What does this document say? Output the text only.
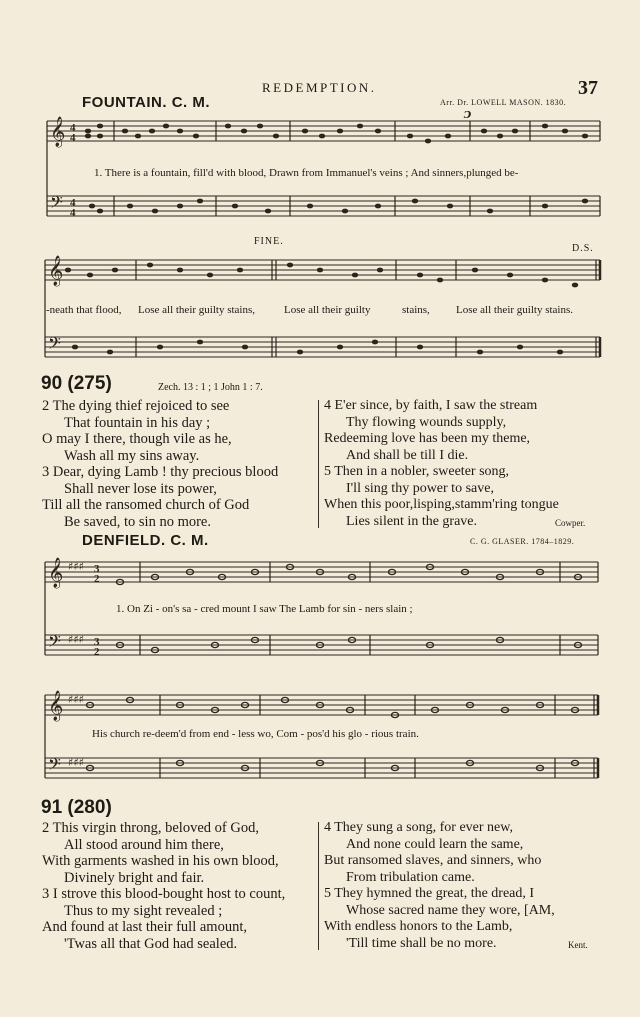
REDEMPTION.	37
FOUNTAIN. C. M.	Arr. Dr. LOWELL MASON. 1830.
ᴐ
𝄞
𝄢
𝄞
𝄢
4
4
4
4
1. There is a fountain, fill'd with blood, Drawn from Immanuel's veins ; And sinners,plunged be-
FINE.
D.S.
-neath that flood, Lose all their guilty stains,	Lose all their guilty	stains, Lose all their guilty stains.
90 (275)	Zech. 13 : 1 ; 1 John 1 : 7.
2 The dying thief rejoiced to see
That fountain in his day ;
O may I there, though vile as he,
Wash all my sins away.
3 Dear, dying Lamb ! thy precious blood
Shall never lose its power,
Till all the ransomed church of God
Be saved, to sin no more.
4 E'er since, by faith, I saw the stream
Thy flowing wounds supply,
Redeeming love has been my theme,
And shall be till I die.
5 Then in a nobler, sweeter song,
I'll sing thy power to save,
When this poor,lisping,stamm'ring tongue
Lies silent in the grave.	Cowper.
DENFIELD. C. M.	C. G. GLASER. 1784–1829.
𝄞
𝄢
𝄞
𝄢
♯♯♯
♯♯♯
♯♯♯
♯♯♯
3
2
3
2
1. On Zi - on's sa - cred mount I saw The Lamb for sin - ners slain ;
His church re-deem'd from end - less wo, Com - pos'd his glo - rious train.
91 (280)
2 This virgin throng, beloved of God,
All stood around him there,
With garments washed in his own blood,
Divinely bright and fair.
3 I strove this blood-bought host to count,
Thus to my sight revealed ;
And found at last their full amount,
'Twas all that God had sealed.
4 They sung a song, for ever new,
And none could learn the same,
But ransomed slaves, and sinners, who
From tribulation came.
5 They hymned the great, the dread, I
Whose sacred name they wore, [AM,
With endless honors to the Lamb,
'Till time shall be no more.	Kent.
